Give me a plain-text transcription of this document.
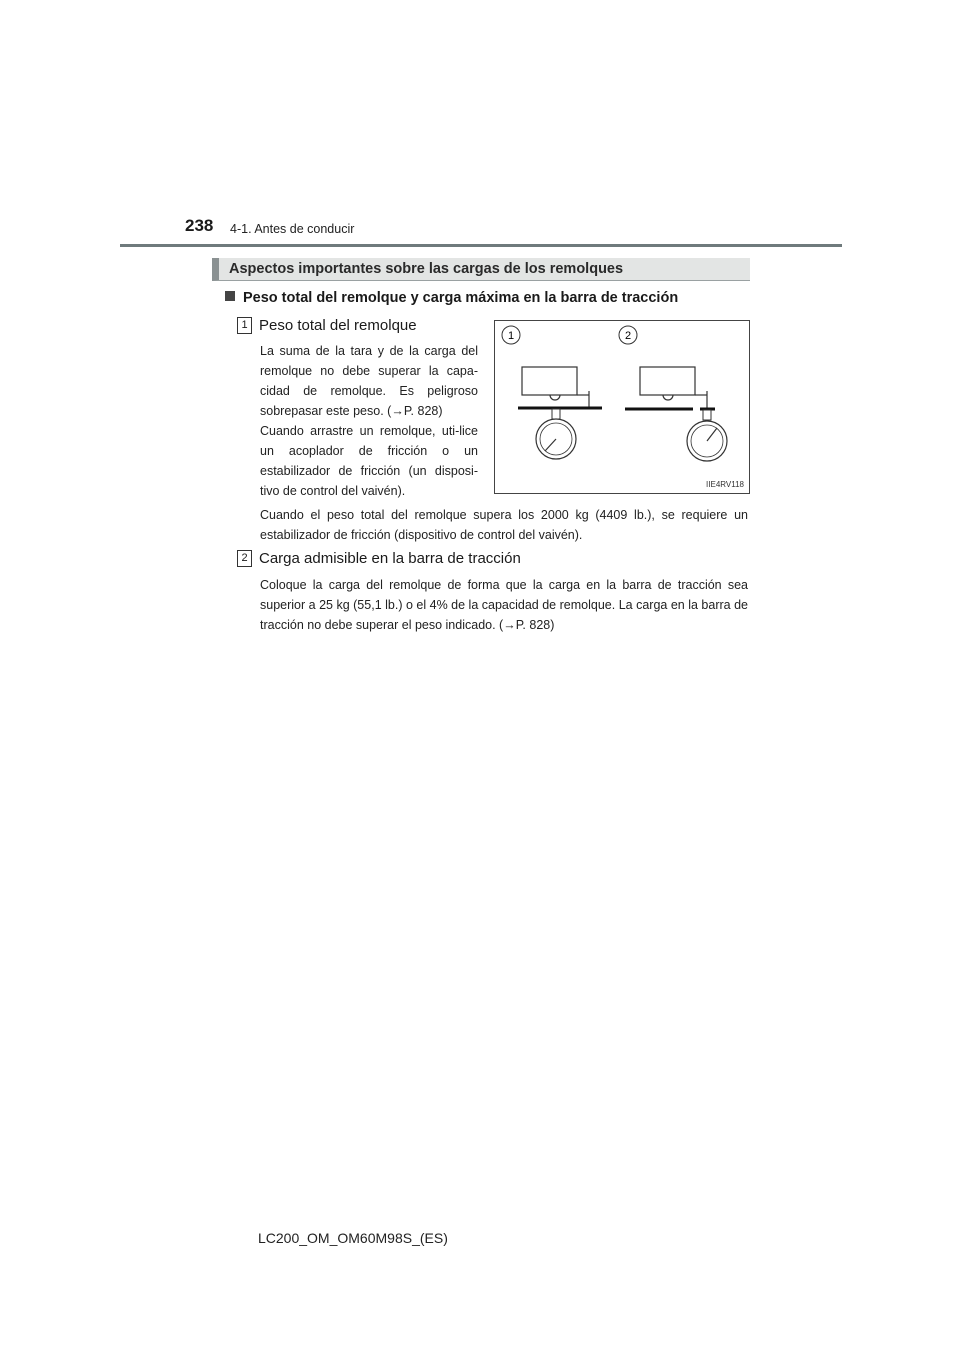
238 4-1. Antes de conducir
Aspectos importantes sobre las cargas de los remolques
Peso total del remolque y carga máxima en la barra de tracción
1 Peso total del remolque

La suma de la tara y de la carga del remolque no debe superar la capa-cidad de remolque. Es peligroso sobrepasar este peso. (→P. 828)

Cuando arrastre un remolque, uti-lice un acoplador de fricción o un estabilizador de fricción (un disposi-tivo de control del vaivén).

Cuando el peso total del remolque supera los 2000 kg (4409 lb.), se requiere un estabilizador de fricción (dispositivo de control del vaivén).

1	2
IIE4RV118
2 Carga admisible en la barra de tracción

Coloque la carga del remolque de forma que la carga en la barra de tracción sea superior a 25 kg (55,1 lb.) o el 4% de la capacidad de remolque. La carga en la barra de tracción no debe superar el peso indicado. (→P. 828)

LC200_OM_OM60M98S_(ES)
